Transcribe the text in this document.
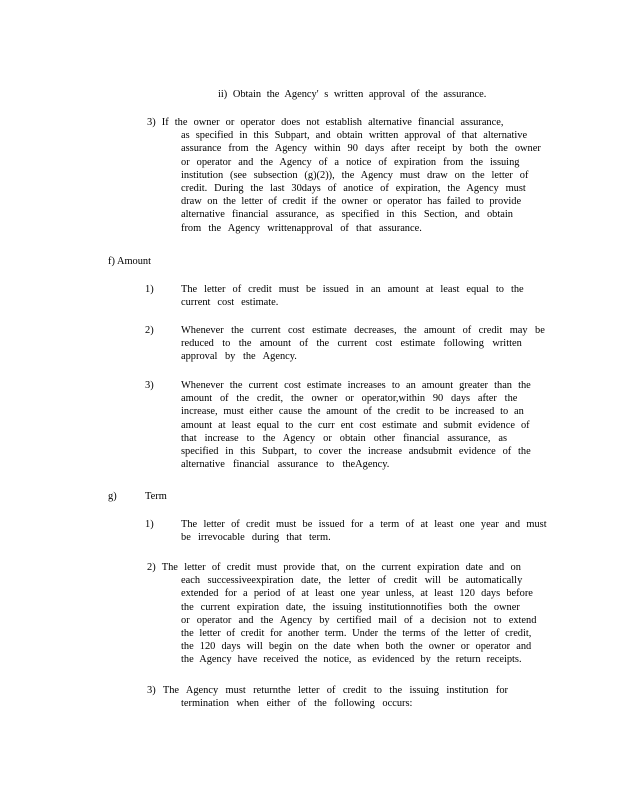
ii) Obtain the Agency' s written approval of the assurance.

3) If the owner or operator does not establish alternative financial assurance,
as specified in this Subpart, and obtain written approval of that alternative
assurance from the Agency within 90 days after receipt by both the owner
or operator and the Agency of a notice of expiration from the issuing
institution (see subsection (g)(2)), the Agency must draw on the letter of
credit. During the last 30days of anotice of expiration, the Agency must
draw on the letter of credit if the owner or operator has failed to provide
alternative financial assurance, as specified in this Section, and obtain
from the Agency writtenapproval of that assurance.

f) Amount

1)	The letter of credit must be issued in an amount at least equal to the
current cost estimate.

2)	Whenever the current cost estimate decreases, the amount of credit may be
reduced to the amount of the current cost estimate following written
approval by the Agency.

3)	Whenever the current cost estimate increases to an amount greater than the
amount of the credit, the owner or operator,within 90 days after the
increase, must either cause the amount of the credit to be increased to an
amount at least equal to the curr ent cost estimate and submit evidence of
that increase to the Agency or obtain other financial assurance, as
specified in this Subpart, to cover the increase andsubmit evidence of the
alternative financial assurance to theAgency.

g)	Term

1)	The letter of credit must be issued for a term of at least one year and must
be irrevocable during that term.
2) The letter of credit must provide that, on the current expiration date and on
each successiveexpiration date, the letter of credit will be automatically
extended for a period of at least one year unless, at least 120 days before
the current expiration date, the issuing institutionnotifies both the owner
or operator and the Agency by certified mail of a decision not to extend
the letter of credit for another term. Under the terms of the letter of credit,
the 120 days will begin on the date when both the owner or operator and
the Agency have received the notice, as evidenced by the return receipts.
3) The Agency must returnthe letter of credit to the issuing institution for
termination when either of the following occurs:
